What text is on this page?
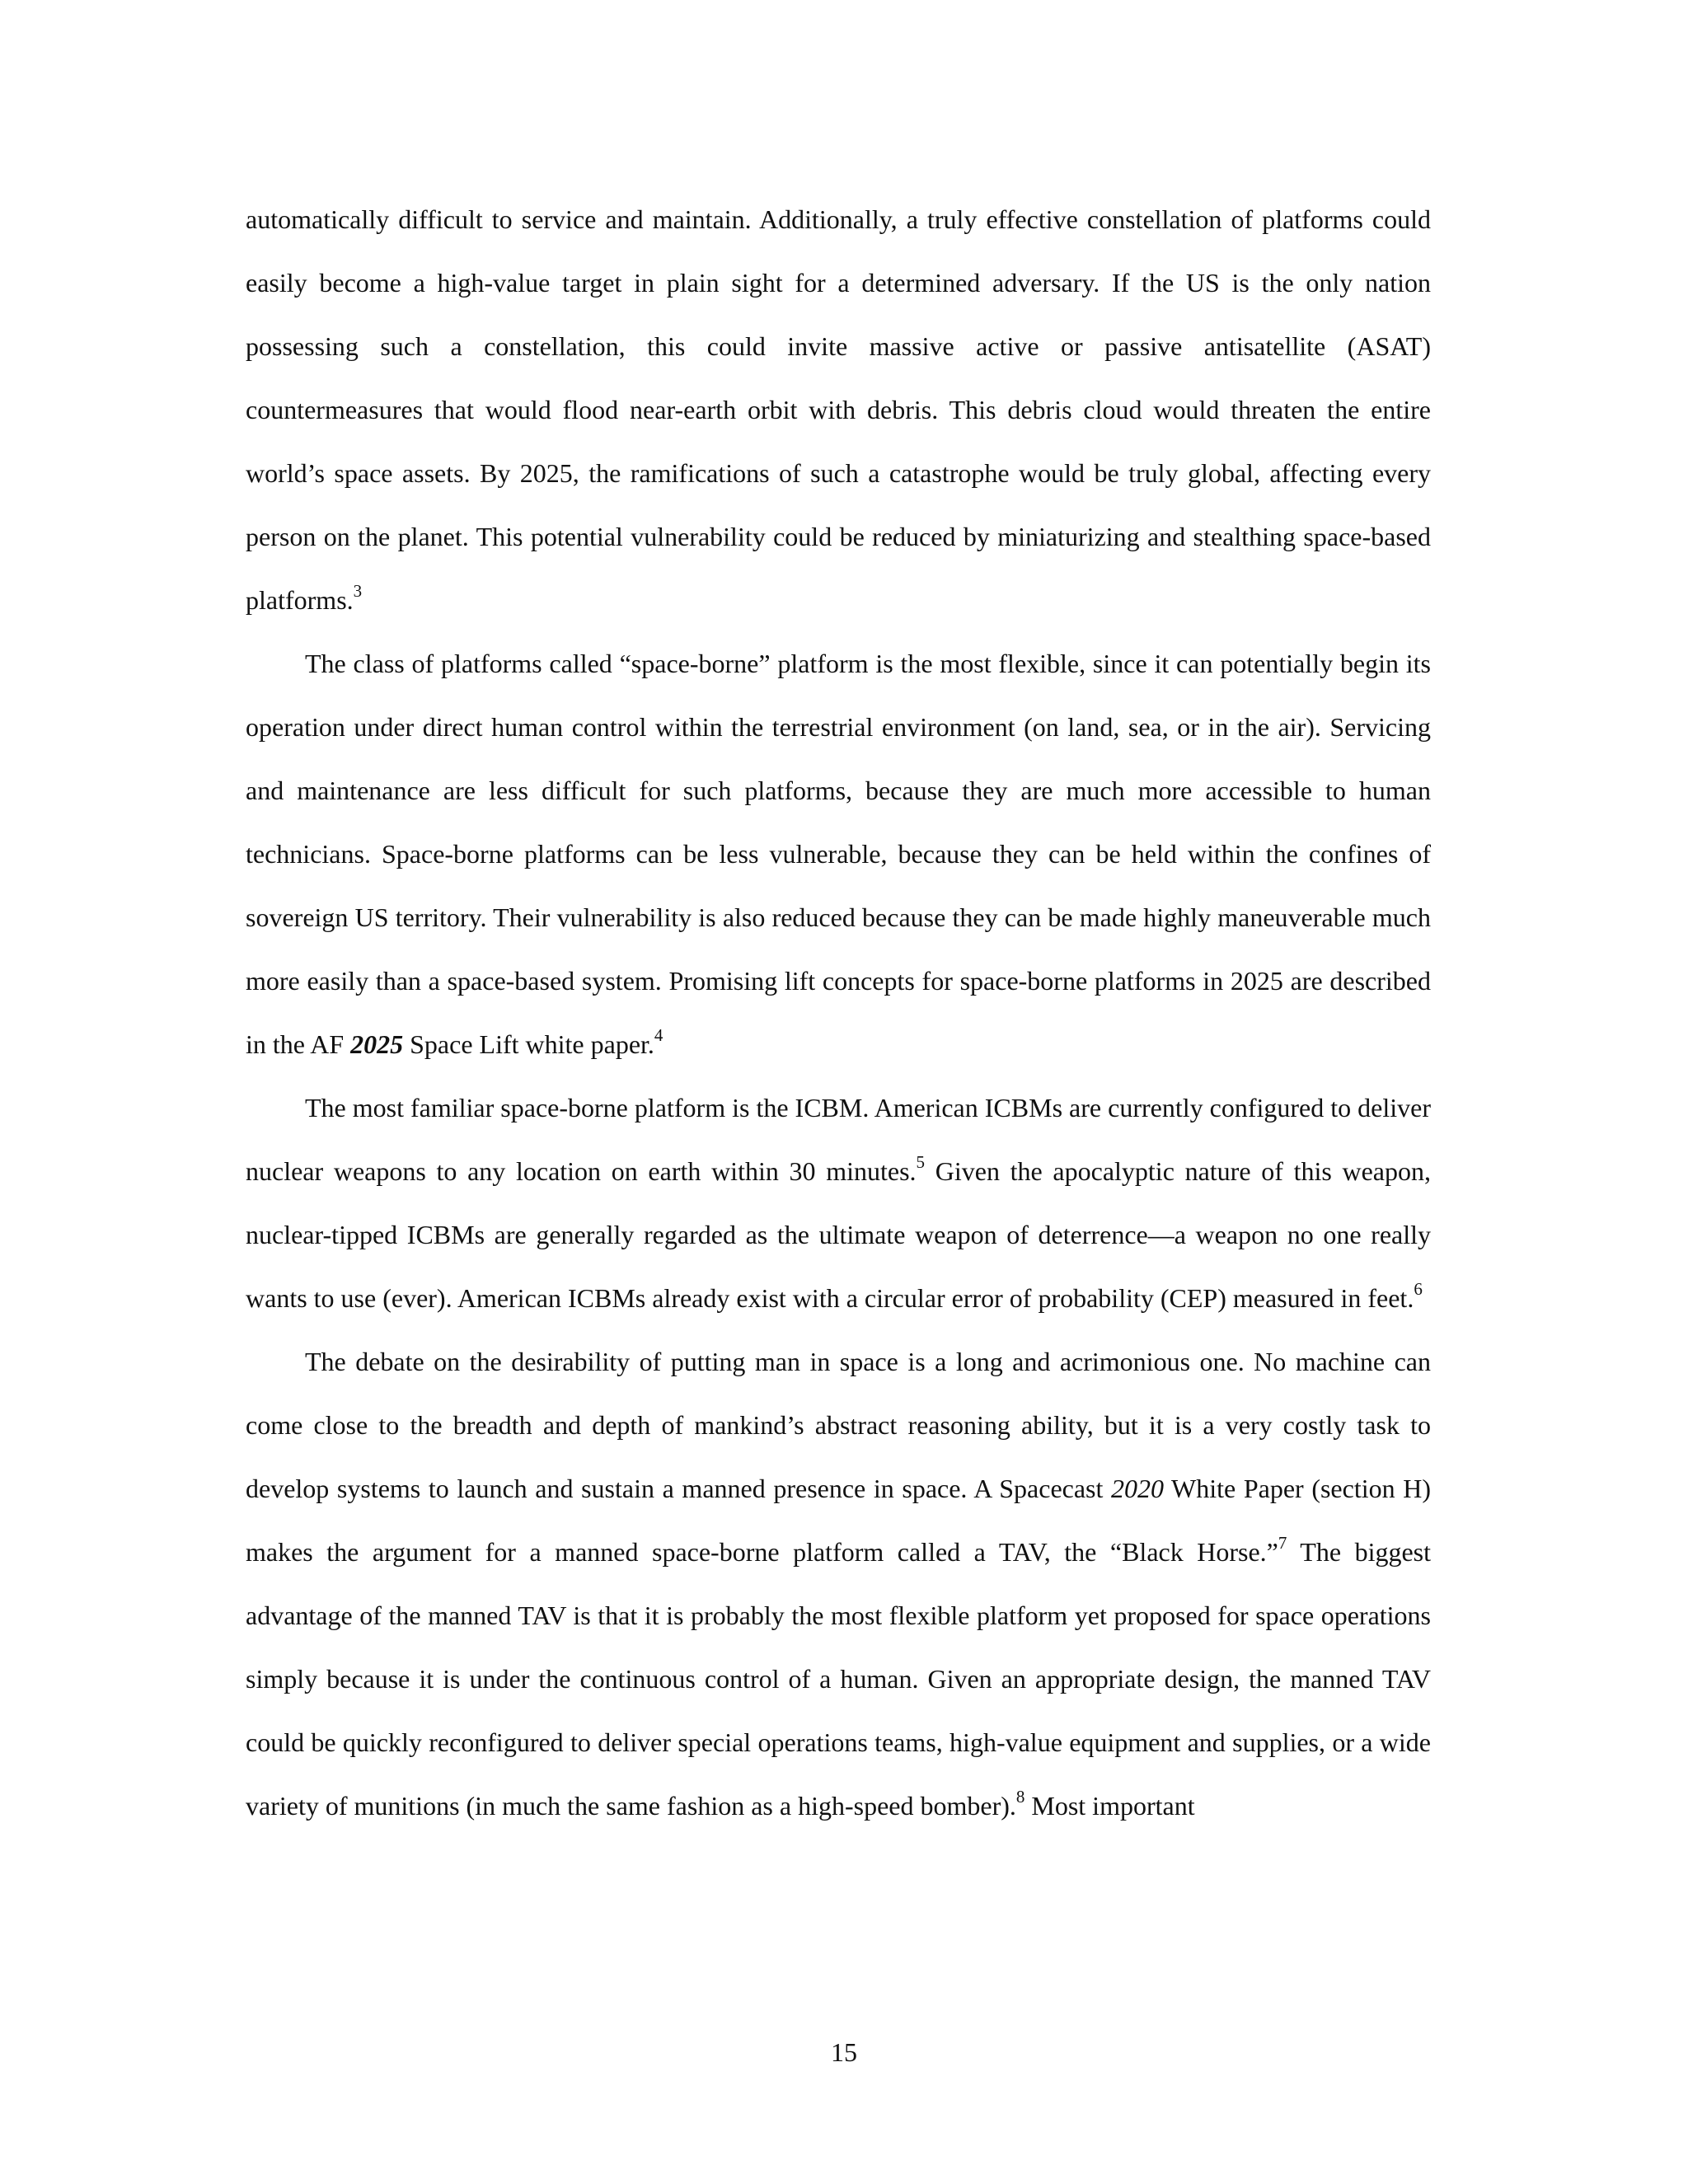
automatically difficult to service and maintain. Additionally, a truly effective constellation of platforms could easily become a high-value target in plain sight for a determined adversary. If the US is the only nation possessing such a constellation, this could invite massive active or passive antisatellite (ASAT) countermeasures that would flood near-earth orbit with debris. This debris cloud would threaten the entire world’s space assets. By 2025, the ramifications of such a catastrophe would be truly global, affecting every person on the planet. This potential vulnerability could be reduced by miniaturizing and stealthing space-based platforms.$^3$

The class of platforms called “space-borne” platform is the most flexible, since it can potentially begin its operation under direct human control within the terrestrial environment (on land, sea, or in the air). Servicing and maintenance are less difficult for such platforms, because they are much more accessible to human technicians. Space-borne platforms can be less vulnerable, because they can be held within the confines of sovereign US territory. Their vulnerability is also reduced because they can be made highly maneuverable much more easily than a space-based system. Promising lift concepts for space-borne platforms in 2025 are described in the AF 2025 Space Lift white paper.$^4$

The most familiar space-borne platform is the ICBM. American ICBMs are currently configured to deliver nuclear weapons to any location on earth within 30 minutes.$^5$ Given the apocalyptic nature of this weapon, nuclear-tipped ICBMs are generally regarded as the ultimate weapon of deterrence—a weapon no one really wants to use (ever). American ICBMs already exist with a circular error of probability (CEP) measured in feet.$^6$

The debate on the desirability of putting man in space is a long and acrimonious one. No machine can come close to the breadth and depth of mankind’s abstract reasoning ability, but it is a very costly task to develop systems to launch and sustain a manned presence in space. A Spacecast 2020 White Paper (section H) makes the argument for a manned space-borne platform called a TAV, the “Black Horse.”$^7$ The biggest advantage of the manned TAV is that it is probably the most flexible platform yet proposed for space operations simply because it is under the continuous control of a human. Given an appropriate design, the manned TAV could be quickly reconfigured to deliver special operations teams, high-value equipment and supplies, or a wide variety of munitions (in much the same fashion as a high-speed bomber).$^8$ Most important

15
